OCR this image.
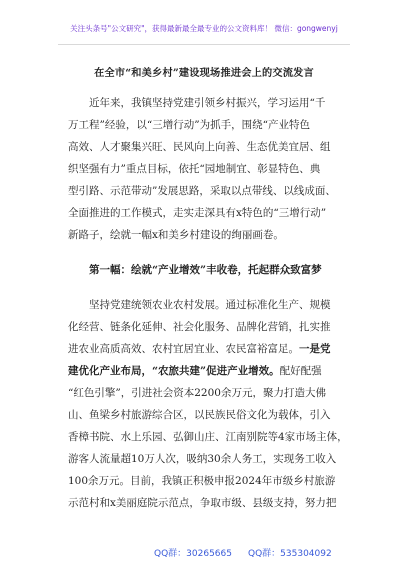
关注头条号"公文研究"，获得最新最全最专业的公文资料库！ 微信：gongwenyj
在全市“和美乡村”建设现场推进会上的交流发言
近年来，我镇坚持党建引领乡村振兴，学习运用“千
万工程”经验，以“三增行动”为抓手，围绕“产业特色
高效、人才聚集兴旺、民风向上向善、生态优美宜居、组
织坚强有力”重点目标，依托“园地制宜、彰显特色、典
型引路、示范带动”发展思路，采取以点带线、以线成面、
全面推进的工作模式，走实走深具有x特色的“三增行动”
新路子，绘就一幅x和美乡村建设的绚丽画卷。
第一幅：绘就“产业增效”丰收卷，托起群众致富梦
坚持党建统领农业农村发展。通过标准化生产、规模
化经营、链条化延伸、社会化服务、品牌化营销，扎实推
进农业高质高效、农村宜居宜业、农民富裕富足。一是党
建优化产业布局，“农旅共建”促进产业增效。配好配强
“红色引擎”，引进社会资本2200余万元，聚力打造大佛
山、鱼梁乡村旅游综合区，以民族民俗文化为载体，引入
香樟书院、水上乐园、弘御山庄、江南别院等4家市场主体，
游客人流量超10万人次，吸纳30余人务工，实现务工收入
100余万元。目前，我镇正积极申报2024年市级乡村旅游
示范村和x美丽庭院示范点，争取市级、县级支持，努力把
QQ群：30265665 QQ群：535304092
